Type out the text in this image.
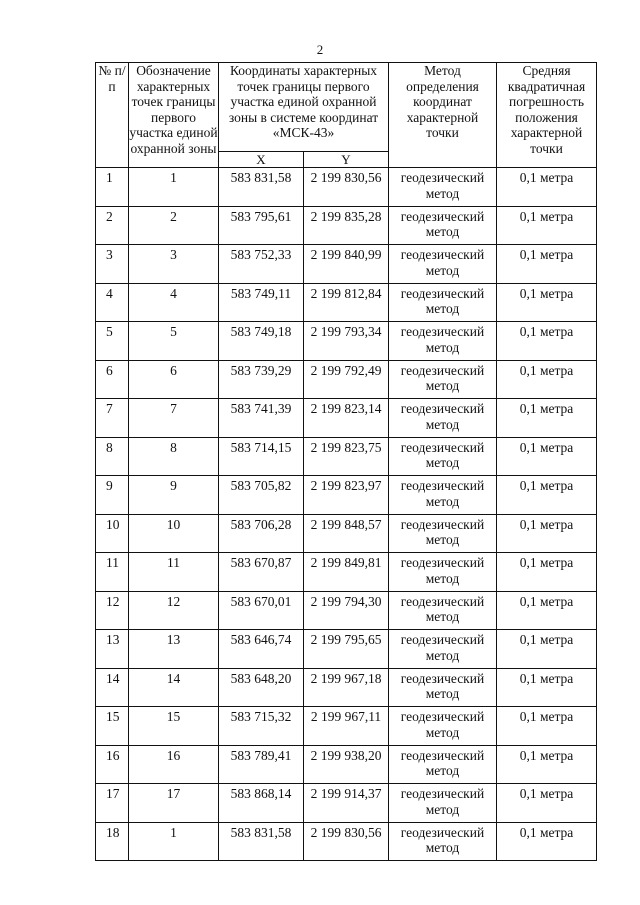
2
№ п/п	Обозначение характерных точек границы первого участка единой охранной зоны	Координаты характерных точек границы первого участка единой охранной зоны в системе координат «МСК-43»		Метод определения координат характерной точки	Средняя квадратичная погрешность положения характерной точки
		X	Y		
1	1	583 831,58	2 199 830,56	геодезический метод	0,1 метра
2	2	583 795,61	2 199 835,28	геодезический метод	0,1 метра
3	3	583 752,33	2 199 840,99	геодезический метод	0,1 метра
4	4	583 749,11	2 199 812,84	геодезический метод	0,1 метра
5	5	583 749,18	2 199 793,34	геодезический метод	0,1 метра
6	6	583 739,29	2 199 792,49	геодезический метод	0,1 метра
7	7	583 741,39	2 199 823,14	геодезический метод	0,1 метра
8	8	583 714,15	2 199 823,75	геодезический метод	0,1 метра
9	9	583 705,82	2 199 823,97	геодезический метод	0,1 метра
10	10	583 706,28	2 199 848,57	геодезический метод	0,1 метра
11	11	583 670,87	2 199 849,81	геодезический метод	0,1 метра
12	12	583 670,01	2 199 794,30	геодезический метод	0,1 метра
13	13	583 646,74	2 199 795,65	геодезический метод	0,1 метра
14	14	583 648,20	2 199 967,18	геодезический метод	0,1 метра
15	15	583 715,32	2 199 967,11	геодезический метод	0,1 метра
16	16	583 789,41	2 199 938,20	геодезический метод	0,1 метра
17	17	583 868,14	2 199 914,37	геодезический метод	0,1 метра
18	1	583 831,58	2 199 830,56	геодезический метод	0,1 метра
